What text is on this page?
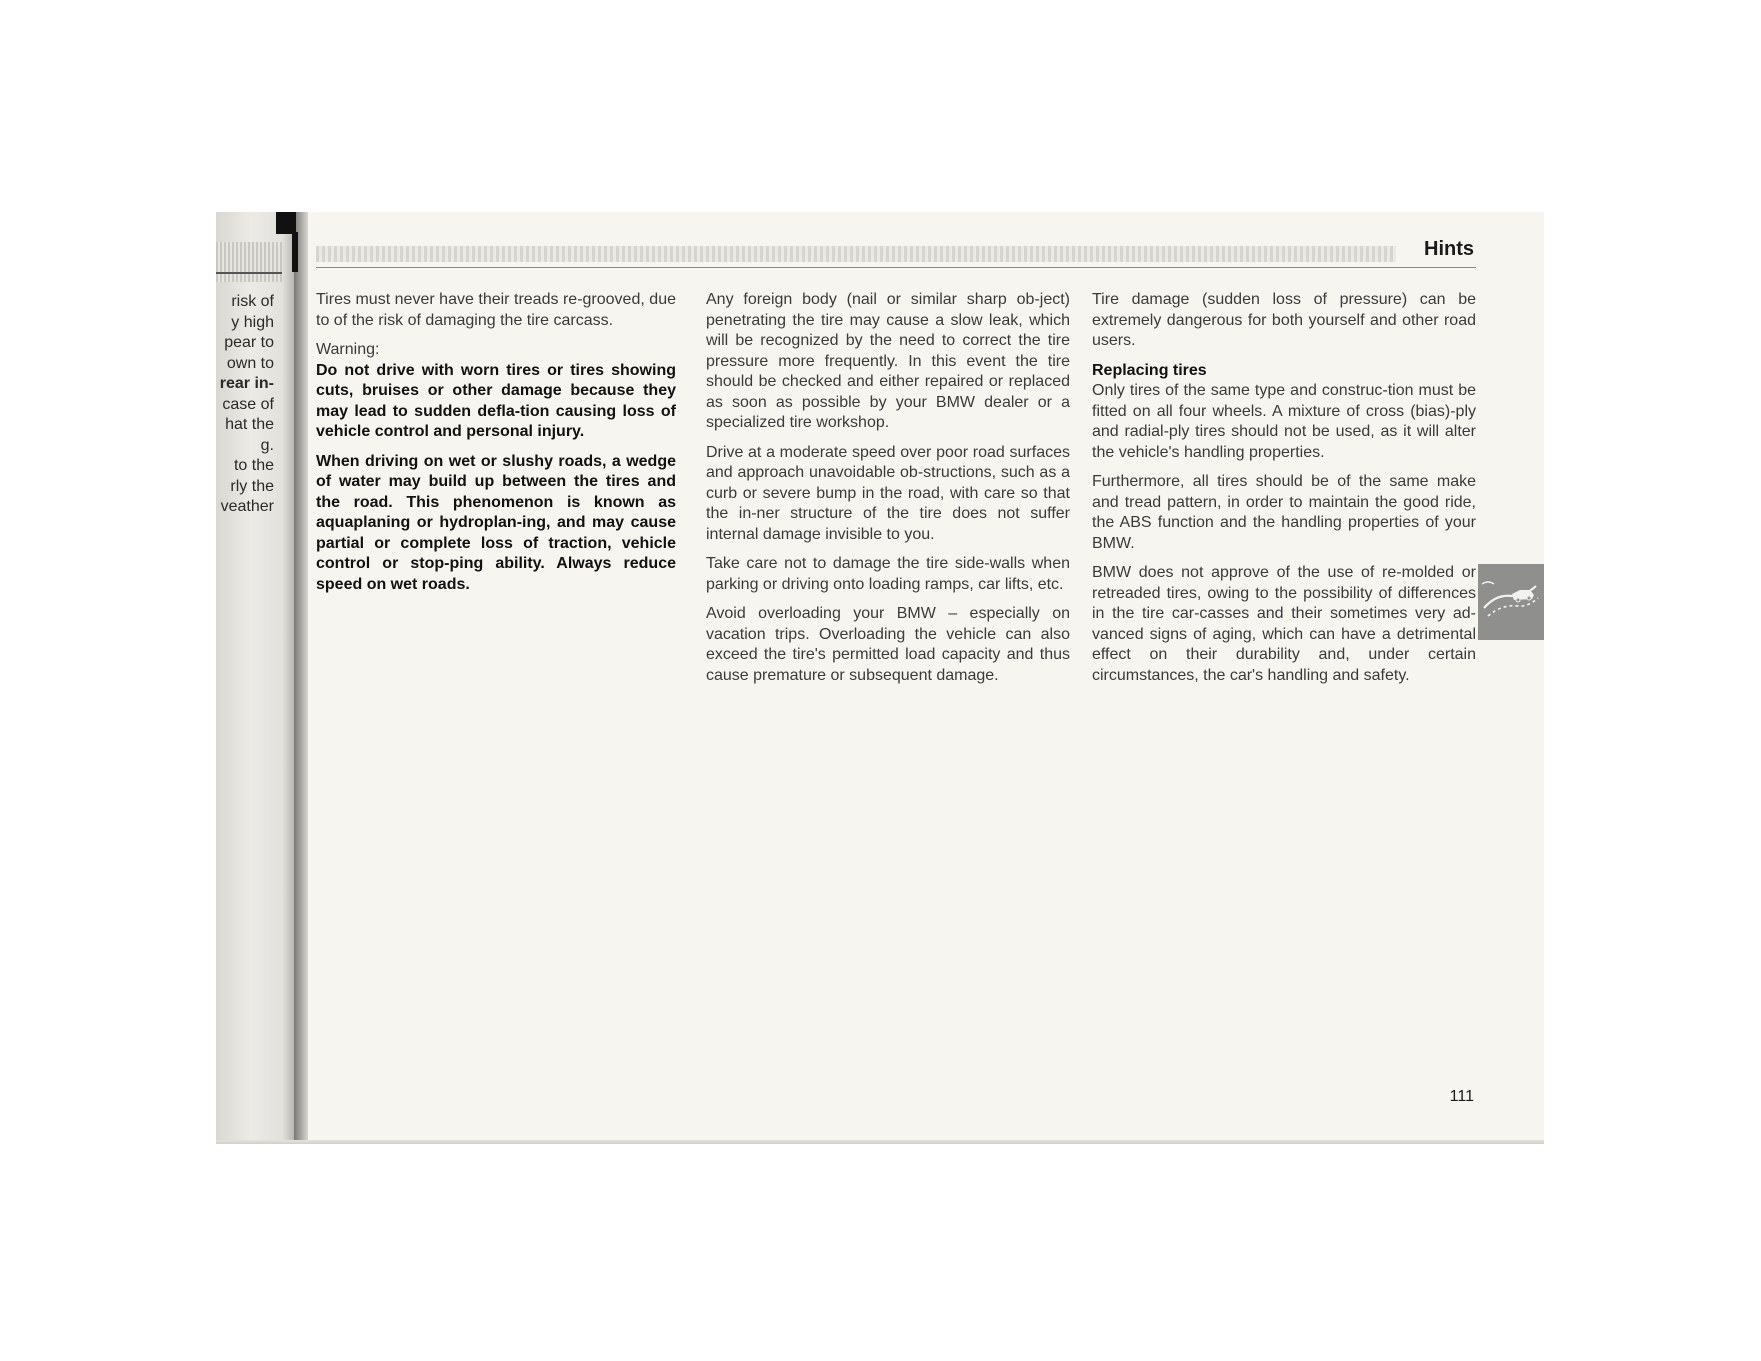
risk of
y high
pear to
own to
rear in-
case of
hat the
g.
to the
rly the
veather
Hints

Tires must never have their treads re-grooved, due to of the risk of damaging the tire carcass.

Warning:

Do not drive with worn tires or tires showing cuts, bruises or other damage because they may lead to sudden defla-tion causing loss of vehicle control and personal injury.

When driving on wet or slushy roads, a wedge of water may build up between the tires and the road. This phenomenon is known as aquaplaning or hydroplan-ing, and may cause partial or complete loss of traction, vehicle control or stop-ping ability. Always reduce speed on wet roads.

Any foreign body (nail or similar sharp ob-ject) penetrating the tire may cause a slow leak, which will be recognized by the need to correct the tire pressure more frequently. In this event the tire should be checked and either repaired or replaced as soon as possible by your BMW dealer or a specialized tire workshop.

Drive at a moderate speed over poor road surfaces and approach unavoidable ob-structions, such as a curb or severe bump in the road, with care so that the in-ner structure of the tire does not suffer internal damage invisible to you.

Take care not to damage the tire side-walls when parking or driving onto loading ramps, car lifts, etc.

Avoid overloading your BMW – especially on vacation trips. Overloading the vehicle can also exceed the tire's permitted load capacity and thus cause premature or subsequent damage.

Tire damage (sudden loss of pressure) can be extremely dangerous for both yourself and other road users.

Replacing tires

Only tires of the same type and construc-tion must be fitted on all four wheels. A mixture of cross (bias)-ply and radial-ply tires should not be used, as it will alter the vehicle's handling properties.

Furthermore, all tires should be of the same make and tread pattern, in order to maintain the good ride, the ABS function and the handling properties of your BMW.

BMW does not approve of the use of re-molded or retreaded tires, owing to the possibility of differences in the tire car-casses and their sometimes very ad-vanced signs of aging, which can have a detrimental effect on their durability and, under certain circumstances, the car's handling and safety.

111
